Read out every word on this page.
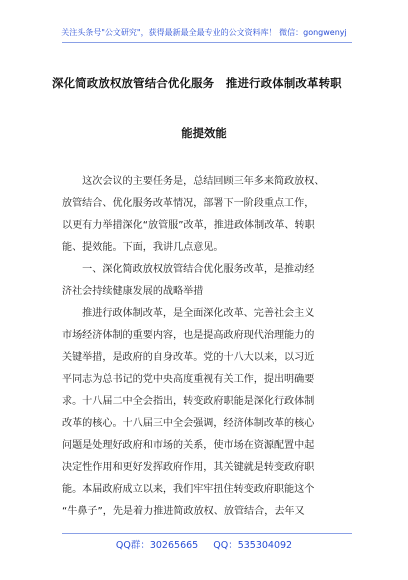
关注头条号"公文研究"，获得最新最全最专业的公文资料库！ 微信：gongwenyj
深化简政放权放管结合优化服务　推进行政体制改革转职
能提效能
　　这次会议的主要任务是，总结回顾三年多来简政放权、
放管结合、优化服务改革情况，部署下一阶段重点工作，
以更有力举措深化“放管服”改革，推进政体制改革、转职
能、提效能。下面，我讲几点意见。
　　一、深化简政放权放管结合优化服务改革，是推动经
济社会持续健康发展的战略举措
　　推进行政体制改革，是全面深化改革、完善社会主义
市场经济体制的重要内容，也是提高政府现代治理能力的
关键举措，是政府的自身改革。党的十八大以来，以习近
平同志为总书记的党中央高度重视有关工作，提出明确要
求。十八届二中全会指出，转变政府职能是深化行政体制
改革的核心。十八届三中全会强调，经济体制改革的核心
问题是处理好政府和市场的关系，使市场在资源配置中起
决定性作用和更好发挥政府作用，其关键就是转变政府职
能。本届政府成立以来，我们牢牢扭住转变政府职能这个
“牛鼻子”，先是着力推进简政放权、放管结合，去年又
QQ群：30265665 QQ：535304092
